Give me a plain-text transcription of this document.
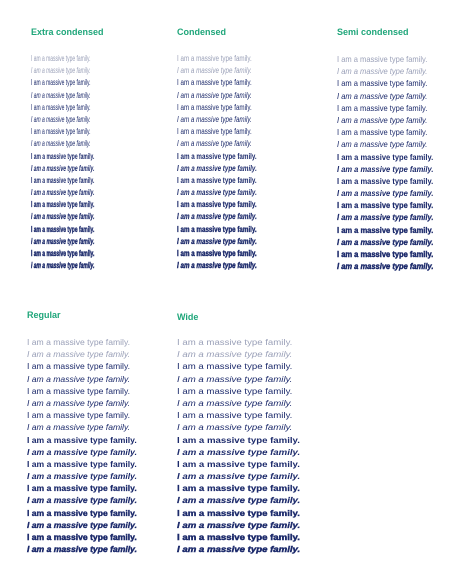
Extra condensed
I am a massive type family.
I am a massive type family.
I am a massive type family.
I am a massive type family.
I am a massive type family.
I am a massive type family.
I am a massive type family.
I am a massive type family.
I am a massive type family.
I am a massive type family.
I am a massive type family.
I am a massive type family.
I am a massive type family.
I am a massive type family.
I am a massive type family.
I am a massive type family.
I am a massive type family.
I am a massive type family.
Condensed
I am a massive type family.
I am a massive type family.
I am a massive type family.
I am a massive type family.
I am a massive type family.
I am a massive type family.
I am a massive type family.
I am a massive type family.
I am a massive type family.
I am a massive type family.
I am a massive type family.
I am a massive type family.
I am a massive type family.
I am a massive type family.
I am a massive type family.
I am a massive type family.
I am a massive type family.
I am a massive type family.
Semi condensed
I am a massive type family.
I am a massive type family.
I am a massive type family.
I am a massive type family.
I am a massive type family.
I am a massive type family.
I am a massive type family.
I am a massive type family.
I am a massive type family.
I am a massive type family.
I am a massive type family.
I am a massive type family.
I am a massive type family.
I am a massive type family.
I am a massive type family.
I am a massive type family.
I am a massive type family.
I am a massive type family.
Regular
I am a massive type family.
I am a massive type family.
I am a massive type family.
I am a massive type family.
I am a massive type family.
I am a massive type family.
I am a massive type family.
I am a massive type family.
I am a massive type family.
I am a massive type family.
I am a massive type family.
I am a massive type family.
I am a massive type family.
I am a massive type family.
I am a massive type family.
I am a massive type family.
I am a massive type family.
I am a massive type family.
Wide
I am a massive type family.
I am a massive type family.
I am a massive type family.
I am a massive type family.
I am a massive type family.
I am a massive type family.
I am a massive type family.
I am a massive type family.
I am a massive type family.
I am a massive type family.
I am a massive type family.
I am a massive type family.
I am a massive type family.
I am a massive type family.
I am a massive type family.
I am a massive type family.
I am a massive type family.
I am a massive type family.
